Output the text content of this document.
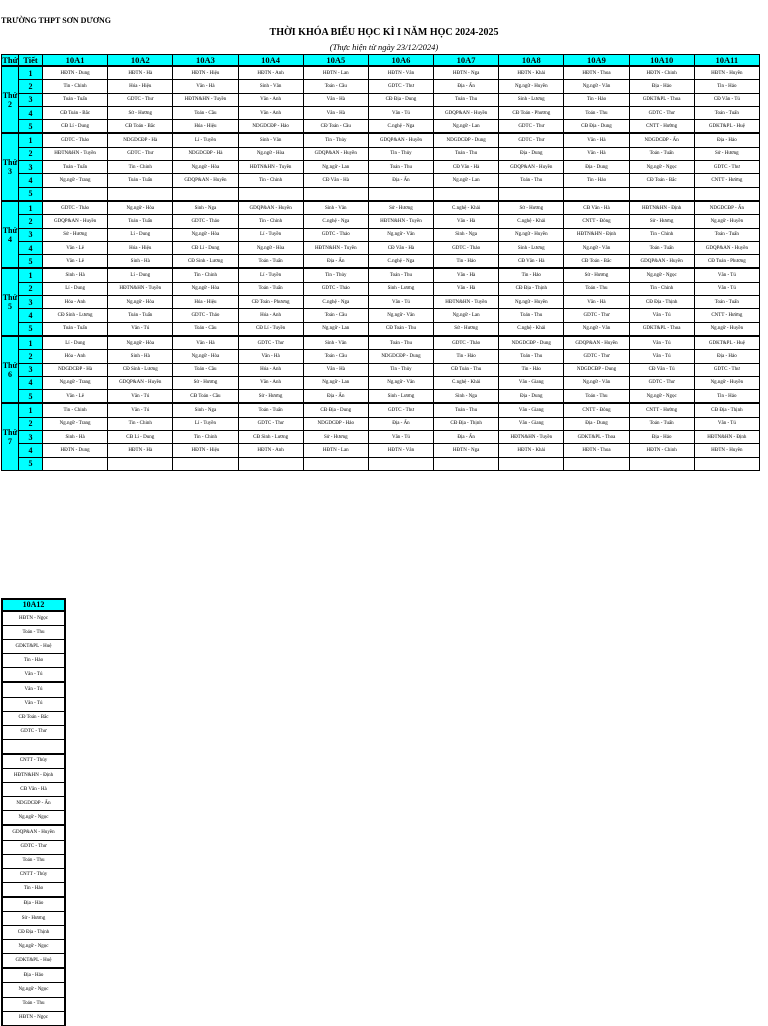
TRƯỜNG THPT SƠN DƯƠNG
THỜI KHÓA BIỂU HỌC KÌ I NĂM HỌC 2024-2025
(Thực hiện từ ngày 23/12/2024)
Thứ	Tiết	10A1	10A2	10A3	10A4	10A5	10A6	10A7	10A8	10A9	10A10	10A11
Thứ 2	1	HĐTN - Dung	HĐTN - Hà	HĐTN - Hiệu	HĐTN - Anh	HĐTN - Lan	HĐTN - Vân	HĐTN - Nga	HĐTN - Khải	HĐTN - Thoa	HĐTN - Chinh	HĐTN - Huyền
	2	Tin - Chinh	Hóa - Hiệu	Văn - Hà	Sinh - Vân	Toán - Cầu	GDTC - Thư	Địa - Ấn	Ng.ngữ - Huyền	Ng.ngữ - Vân	Địa - Hảo	Tin - Hảo
	3	Toán - Tuấn	GDTC - Thư	HĐTN&HN - Tuyền	Văn - Anh	Văn - Hà	CĐ Địa - Dung	Toán - Thu	Sinh - Lương	Tin - Hảo	GDKT&PL - Thoa	CĐ Văn - Tú
	4	CĐ Toán - Bắc	Sử - Hương	Toán - Cầu	Văn - Anh	Văn - Hà	Văn - Tú	GDQP&AN - Huyền	CĐ Toán - Phương	Toán - Thu	GDTC - Thư	Toán - Tuấn
	5	CĐ Lí - Dung	CĐ Toán - Bắc	Hóa - Hiệu	NDGDCĐP - Hảo	CĐ Toán - Cầu	C.nghệ - Nga	Ng.ngữ - Lan	GDTC - Thư	CĐ Địa - Dung	CNTT - Hường	GDKT&PL - Huệ
Thứ 3	1	GDTC - Thảo	NDGDCĐP - Hà	Lí - Tuyền	Sinh - Vân	Tin - Thủy	GDQP&AN - Huyền	NDGDCĐP - Dung	GDTC - Thư	Văn - Hà	NDGDCĐP - Ấn	Địa - Hảo
	2	HĐTN&HN - Tuyền	GDTC - Thư	NDGDCĐP - Hà	Ng.ngữ - Hòa	GDQP&AN - Huyền	Tin - Thủy	Toán - Thu	Địa - Dung	Văn - Hà	Toán - Tuấn	Sử - Hương
	3	Toán - Tuấn	Tin - Chinh	Ng.ngữ - Hòa	HĐTN&HN - Tuyền	Ng.ngữ - Lan	Toán - Thu	CĐ Văn - Hà	GDQP&AN - Huyền	Địa - Dung	Ng.ngữ - Ngọc	GDTC - Thư
	4	Ng.ngữ - Trang	Toán - Tuấn	GDQP&AN - Huyền	Tin - Chinh	CĐ Văn - Hà	Địa - Ấn	Ng.ngữ - Lan	Toán - Thu	Tin - Hảo	CĐ Toán - Bắc	CNTT - Hường
	5											
Thứ 4	1	GDTC - Thảo	Ng.ngữ - Hòa	Sinh - Nga	GDQP&AN - Huyền	Sinh - Vân	Sử - Hương	C.nghệ - Khải	Sử - Hương	CĐ Văn - Hà	HĐTN&HN - Định	NDGDCĐP - Ấn
	2	GDQP&AN - Huyền	Toán - Tuấn	GDTC - Thảo	Tin - Chinh	C.nghệ - Nga	HĐTN&HN - Tuyền	Văn - Hà	C.nghệ - Khải	CNTT - Đông	Sử - Hương	Ng.ngữ - Huyền
	3	Sử - Hương	Lí - Dung	Ng.ngữ - Hòa	Lí - Tuyền	GDTC - Thảo	Ng.ngữ - Vân	Sinh - Nga	Ng.ngữ - Huyền	HĐTN&HN - Định	Tin - Chinh	Toán - Tuấn
	4	Văn - Lê	Hóa - Hiệu	CĐ Lí - Dung	Ng.ngữ - Hòa	HĐTN&HN - Tuyền	CĐ Văn - Hà	GDTC - Thảo	Sinh - Lương	Ng.ngữ - Vân	Toán - Tuấn	GDQP&AN - Huyền
	5	Văn - Lê	Sinh - Hà	CĐ Sinh - Lương	Toán - Tuấn	Địa - Ấn	C.nghệ - Nga	Tin - Hảo	CĐ Văn - Hà	CĐ Toán - Bắc	GDQP&AN - Huyền	CĐ Toán - Phương
Thứ 5	1	Sinh - Hà	Lí - Dung	Tin - Chinh	Lí - Tuyền	Tin - Thủy	Toán - Thu	Văn - Hà	Tin - Hảo	Sử - Hương	Ng.ngữ - Ngọc	Văn - Tú
	2	Lí - Dung	HĐTN&HN - Tuyền	Ng.ngữ - Hòa	Toán - Tuấn	GDTC - Thảo	Sinh - Lương	Văn - Hà	CĐ Địa - Thịnh	Toán - Thu	Tin - Chinh	Văn - Tú
	3	Hóa - Anh	Ng.ngữ - Hòa	Hóa - Hiệu	CĐ Toán - Phương	C.nghệ - Nga	Văn - Tú	HĐTN&HN - Tuyền	Ng.ngữ - Huyền	Văn - Hà	CĐ Địa - Thịnh	Toán - Tuấn
	4	CĐ Sinh - Lương	Toán - Tuấn	GDTC - Thảo	Hóa - Anh	Toán - Cầu	Ng.ngữ - Vân	Ng.ngữ - Lan	Toán - Thu	GDTC - Thư	Văn - Tú	CNTT - Hường
	5	Toán - Tuấn	Văn - Tú	Toán - Cầu	CĐ Lí - Tuyền	Ng.ngữ - Lan	CĐ Toán - Thu	Sử - Hương	C.nghệ - Khải	Ng.ngữ - Vân	GDKT&PL - Thoa	Ng.ngữ - Huyền
Thứ 6	1	Lí - Dung	Ng.ngữ - Hòa	Văn - Hà	GDTC - Thư	Sinh - Vân	Toán - Thu	GDTC - Thảo	NDGDCĐP - Dung	GDQP&AN - Huyền	Văn - Tú	GDKT&PL - Huệ
	2	Hóa - Anh	Sinh - Hà	Ng.ngữ - Hòa	Văn - Hà	Toán - Cầu	NDGDCĐP - Dung	Tin - Hảo	Toán - Thu	GDTC - Thư	Văn - Tú	Địa - Hảo
	3	NDGDCĐP - Hà	CĐ Sinh - Lương	Toán - Cầu	Hóa - Anh	Văn - Hà	Tin - Thủy	CĐ Toán - Thu	Tin - Hảo	NDGDCĐP - Dung	CĐ Văn - Tú	GDTC - Thư
	4	Ng.ngữ - Trang	GDQP&AN - Huyền	Sử - Hương	Văn - Anh	Ng.ngữ - Lan	Ng.ngữ - Vân	C.nghệ - Khải	Văn - Giang	Ng.ngữ - Vân	GDTC - Thư	Ng.ngữ - Huyền
	5	Văn - Lê	Văn - Tú	CĐ Toán - Cầu	Sử - Hương	Địa - Ấn	Sinh - Lương	Sinh - Nga	Địa - Dung	Toán - Thu	Ng.ngữ - Ngọc	Tin - Hảo
Thứ 7	1	Tin - Chinh	Văn - Tú	Sinh - Nga	Toán - Tuấn	CĐ Địa - Dung	GDTC - Thư	Toán - Thu	Văn - Giang	CNTT - Đông	CNTT - Hường	CĐ Địa - Thịnh
	2	Ng.ngữ - Trang	Tin - Chinh	Lí - Tuyền	GDTC - Thư	NDGDCĐP - Hảo	Địa - Ấn	CĐ Địa - Thịnh	Văn - Giang	Địa - Dung	Toán - Tuấn	Văn - Tú
	3	Sinh - Hà	CĐ Lí - Dung	Tin - Chinh	CĐ Sinh - Lương	Sử - Hương	Văn - Tú	Địa - Ấn	HĐTN&HN - Tuyền	GDKT&PL - Thoa	Địa - Hảo	HĐTN&HN - Định
	4	HĐTN - Dung	HĐTN - Hà	HĐTN - Hiệu	HĐTN - Anh	HĐTN - Lan	HĐTN - Vân	HĐTN - Nga	HĐTN - Khải	HĐTN - Thoa	HĐTN - Chinh	HĐTN - Huyền
	5											
10A12
HĐTN - Ngọc
Toán - Thu
GDKT&PL - Huệ
Tin - Hảo
Văn - Tú
Văn - Tú
Văn - Tú
CĐ Toán - Bắc
GDTC - Thư

CNTT - Thủy
HĐTN&HN - Định
CĐ Văn - Hà
NDGDCĐP - Ấn
Ng.ngữ - Ngọc
GDQP&AN - Huyền
GDTC - Thư
Toán - Thu
CNTT - Thủy
Tin - Hảo
Địa - Hảo
Sử - Hương
CĐ Địa - Thịnh
Ng.ngữ - Ngọc
GDKT&PL - Huệ
Địa - Hảo
Ng.ngữ - Ngọc
Toán - Thu
HĐTN - Ngọc
